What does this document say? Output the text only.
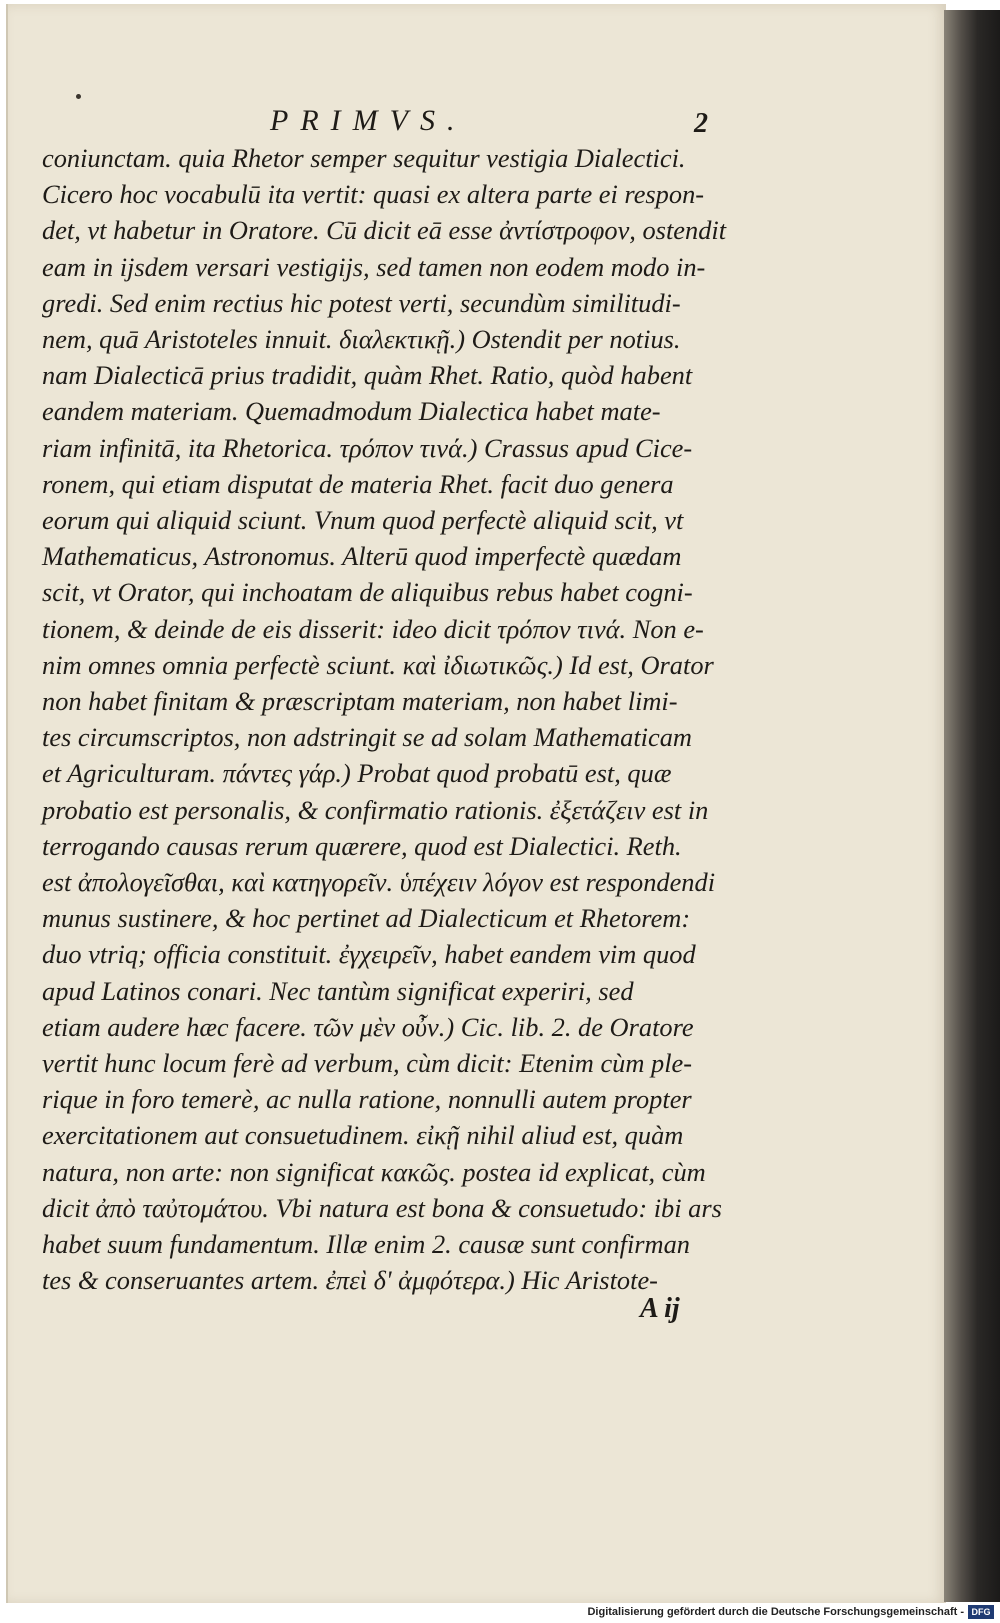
PRIMVS.	2
coniunctam. quia Rhetor semper sequitur vestigia Dialectici.
Cicero hoc vocabulū ita vertit: quasi ex altera parte ei respon-
det, vt habetur in Oratore. Cū dicit eā esse ἀντίστροφον, ostendit
eam in ijsdem versari vestigijs, sed tamen non eodem modo in-
gredi. Sed enim rectius hic potest verti, secundùm similitudi-
nem, quā Aristoteles innuit. διαλεκτικῇ.) Ostendit per notius.
nam Dialecticā prius tradidit, quàm Rhet. Ratio, quòd habent
eandem materiam. Quemadmodum Dialectica habet mate-
riam infinitā, ita Rhetorica. τρόπον τινά.) Crassus apud Cice-
ronem, qui etiam disputat de materia Rhet. facit duo genera
eorum qui aliquid sciunt. Vnum quod perfectè aliquid scit, vt
Mathematicus, Astronomus. Alterū quod imperfectè quædam
scit, vt Orator, qui inchoatam de aliquibus rebus habet cogni-
tionem, & deinde de eis disserit: ideo dicit τρόπον τινά. Non e-
nim omnes omnia perfectè sciunt. καὶ ἰδιωτικῶς.) Id est, Orator
non habet finitam & præscriptam materiam, non habet limi-
tes circumscriptos, non adstringit se ad solam Mathematicam
et Agriculturam. πάντες γάρ.) Probat quod probatū est, quæ
probatio est personalis, & confirmatio rationis. ἐξετάζειν est in
terrogando causas rerum quærere, quod est Dialectici. Reth.
est ἀπολογεῖσθαι, καὶ κατηγορεῖν. ὑπέχειν λόγον est respondendi
munus sustinere, & hoc pertinet ad Dialecticum et Rhetorem:
duo vtriq; officia constituit. ἐγχειρεῖν, habet eandem vim quod
apud Latinos conari. Nec tantùm significat experiri, sed
etiam audere hæc facere. τῶν μὲν οὖν.) Cic. lib. 2. de Oratore
vertit hunc locum ferè ad verbum, cùm dicit: Etenim cùm ple-
rique in foro temerè, ac nulla ratione, nonnulli autem propter
exercitationem aut consuetudinem. εἰκῇ nihil aliud est, quàm
natura, non arte: non significat κακῶς. postea id explicat, cùm
dicit ἀπὸ ταὐτομάτου. Vbi natura est bona & consuetudo: ibi ars
habet suum fundamentum. Illæ enim 2. causæ sunt confirman
tes & conseruantes artem. ἐπεὶ δ' ἀμφότερα.) Hic Aristote-
A ij
Digitalisierung gefördert durch die Deutsche Forschungsgemeinschaft - DFG
